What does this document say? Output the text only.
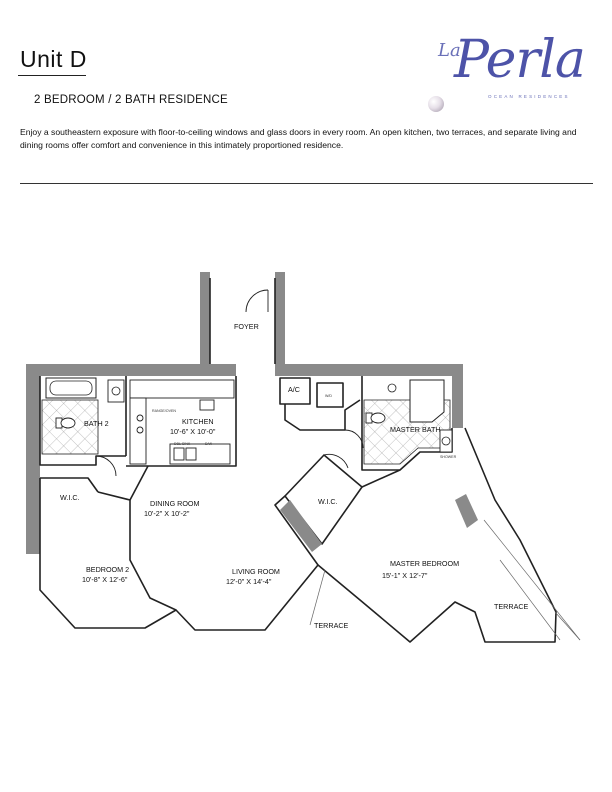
Unit D
2 BEDROOM / 2 BATH RESIDENCE
Enjoy a southeastern exposure with floor-to-ceiling windows and glass doors in every room. An open kitchen, two terraces, and separate living and dining rooms offer comfort and convenience in this intimately proportioned residence.
La
Perla
OCEAN RESIDENCES
FOYER
A/C
W/D
BATH 2	KITCHEN
10'-6" X 10'-0"
RANGE/OVEN
DBL SINK	D/W
MASTER BATH
SHOWER
W.I.C.	W.I.C.
DINING ROOM
10'-2" X 10'-2"
BEDROOM 2
10'-8" X 12'-6"
LIVING ROOM
12'-0" X 14'-4"
MASTER BEDROOM
15'-1" X 12'-7"
TERRACE
TERRACE
